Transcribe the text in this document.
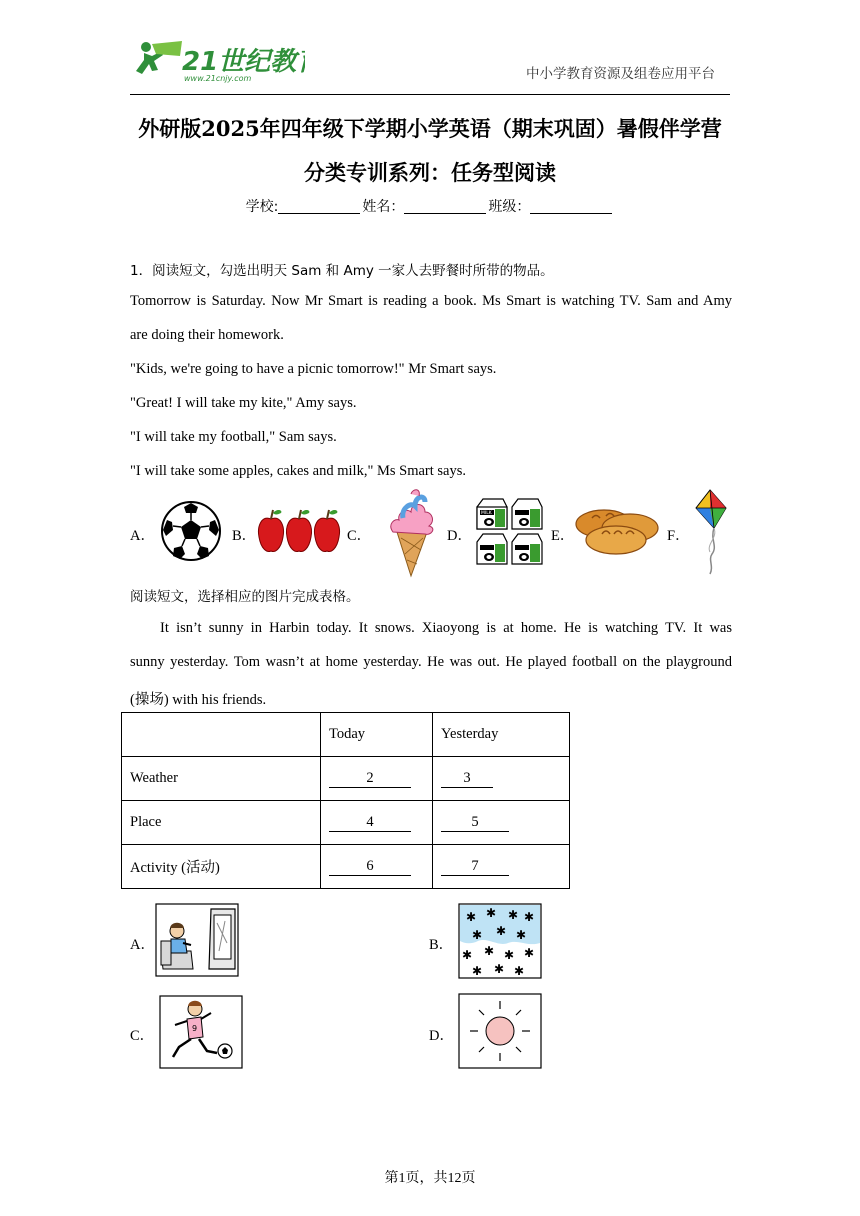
21世纪教
www.21cnjy.com	中小学教育资源及组卷应用平台
外研版2025年四年级下学期小学英语（期末巩固）暑假伴学营
分类专训系列：任务型阅读
学校:	姓名：	班级：
1．阅读短文，勾选出明天 Sam 和 Amy 一家人去野餐时所带的物品。
Tomorrow is Saturday. Now Mr Smart is reading a book. Ms Smart is watching TV. Sam and Amy
are doing their homework.
"Kids, we're going to have a picnic tomorrow!" Mr Smart says.
"Great! I will take my kite," Amy says.
"I will take my football," Sam says.
"I will take some apples, cakes and milk," Ms Smart says.
A．	B．	C．	D．
MILK
E．	F．
阅读短文，选择相应的图片完成表格。
It isn’t sunny in Harbin today. It snows. Xiaoyong is at home. He is watching TV. It was
sunny yesterday. Tom wasn’t at home yesterday. He was out. He played football on the playground
(操场) with his friends.
	Today	Yesterday
Weather	2	3
Place	4	5
Activity (活动)	6	7
A．	B．
✱ ✱ ✱ ✱
✱ ✱ ✱
✱ ✱ ✱ ✱
✱ ✱ ✱
C．	9	D．
第1页，共12页
